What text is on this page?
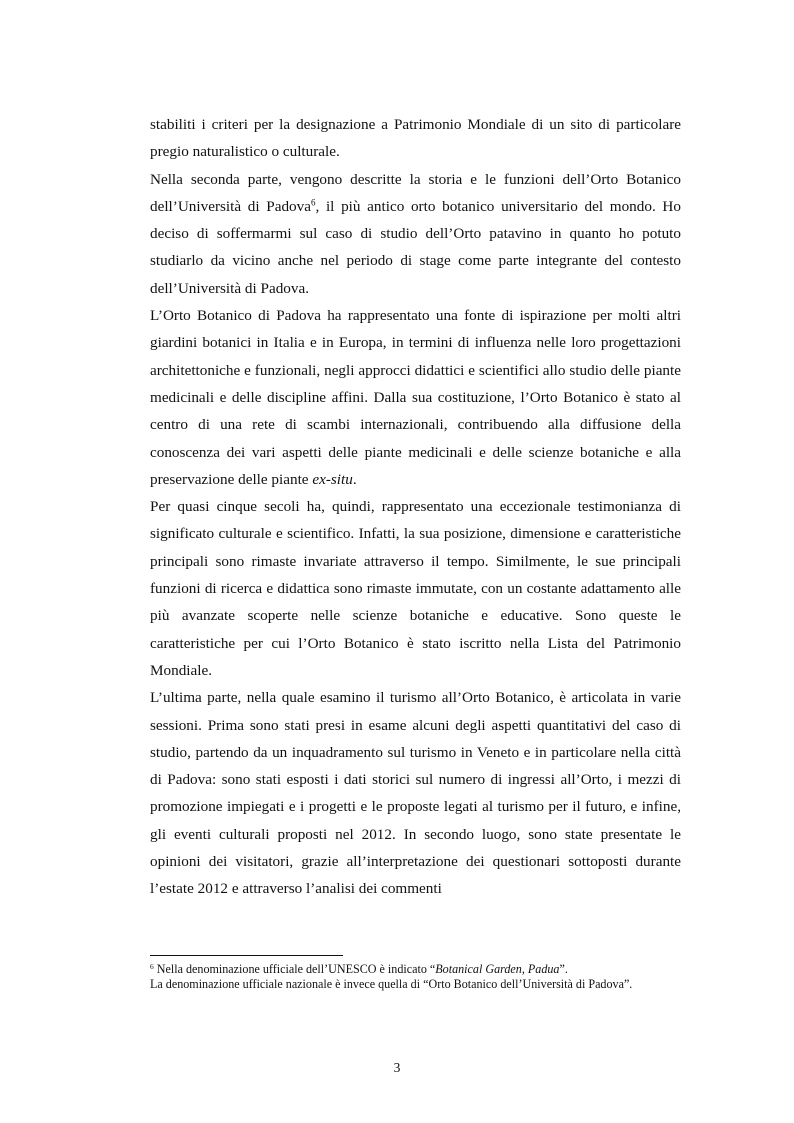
stabiliti i criteri per la designazione a Patrimonio Mondiale di un sito di particolare pregio naturalistico o culturale.

Nella seconda parte, vengono descritte la storia e le funzioni dell’Orto Botanico dell’Università di Padova$^6$, il più antico orto botanico universitario del mondo. Ho deciso di soffermarmi sul caso di studio dell’Orto patavino in quanto ho potuto studiarlo da vicino anche nel periodo di stage come parte integrante del contesto dell’Università di Padova.

L’Orto Botanico di Padova ha rappresentato una fonte di ispirazione per molti altri giardini botanici in Italia e in Europa, in termini di influenza nelle loro progettazioni architettoniche e funzionali, negli approcci didattici e scientifici allo studio delle piante medicinali e delle discipline affini. Dalla sua costituzione, l’Orto Botanico è stato al centro di una rete di scambi internazionali, contribuendo alla diffusione della conoscenza dei vari aspetti delle piante medicinali e delle scienze botaniche e alla preservazione delle piante ex-situ.

Per quasi cinque secoli ha, quindi, rappresentato una eccezionale testimonianza di significato culturale e scientifico. Infatti, la sua posizione, dimensione e caratteristiche principali sono rimaste invariate attraverso il tempo. Similmente, le sue principali funzioni di ricerca e didattica sono rimaste immutate, con un costante adattamento alle più avanzate scoperte nelle scienze botaniche e educative. Sono queste le caratteristiche per cui l’Orto Botanico è stato iscritto nella Lista del Patrimonio Mondiale.

L’ultima parte, nella quale esamino il turismo all’Orto Botanico, è articolata in varie sessioni. Prima sono stati presi in esame alcuni degli aspetti quantitativi del caso di studio, partendo da un inquadramento sul turismo in Veneto e in particolare nella città di Padova: sono stati esposti i dati storici sul numero di ingressi all’Orto, i mezzi di promozione impiegati e i progetti e le proposte legati al turismo per il futuro, e infine, gli eventi culturali proposti nel 2012. In secondo luogo, sono state presentate le opinioni dei visitatori, grazie all’interpretazione dei questionari sottoposti durante l’estate 2012 e attraverso l’analisi dei commenti

$^6$ Nella denominazione ufficiale dell’UNESCO è indicato “Botanical Garden, Padua”.

La denominazione ufficiale nazionale è invece quella di “Orto Botanico dell’Università di Padova”.

3
